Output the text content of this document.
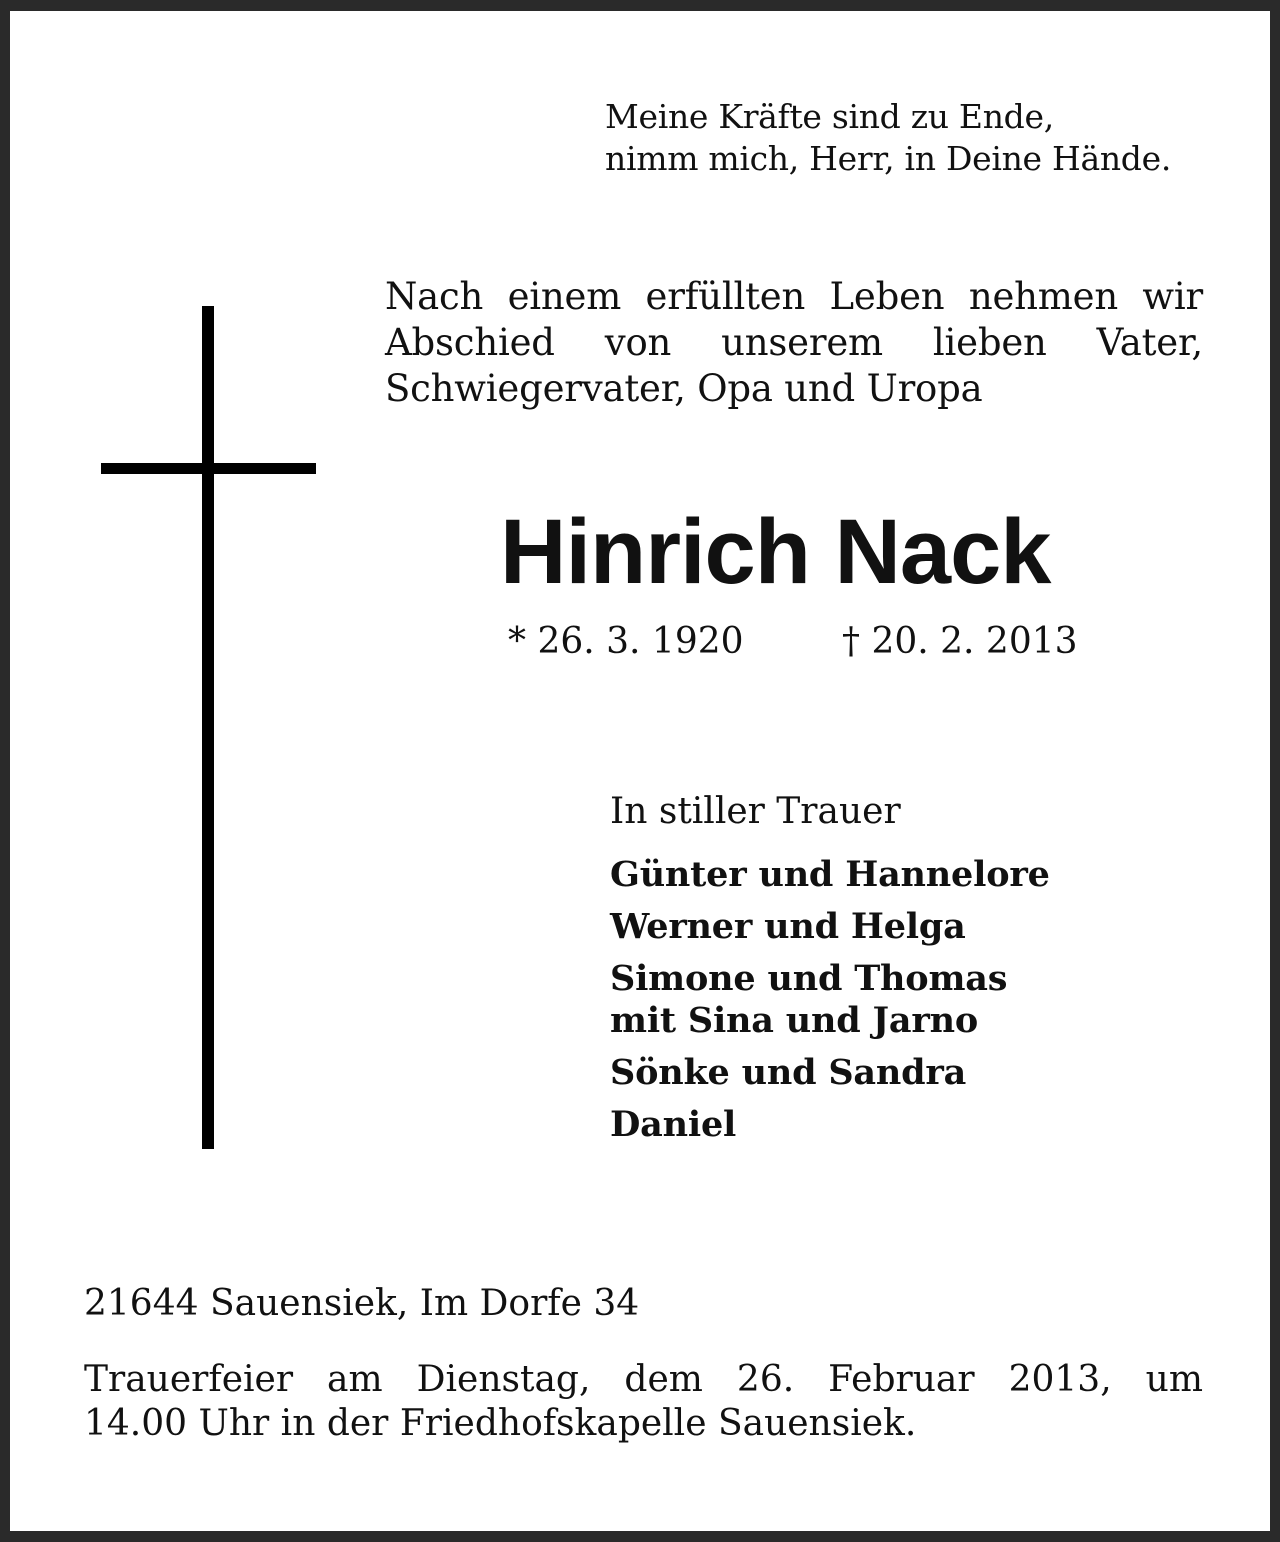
Meine Kräfte sind zu Ende,
nimm mich, Herr, in Deine Hände.
Nach einem erfüllten Leben nehmen wir
Abschied von unserem lieben Vater,
Schwiegervater, Opa und Uropa
Hinrich Nack
* 26. 3. 1920	† 20. 2. 2013
In stiller Trauer
Günter und Hannelore
Werner und Helga
Simone und Thomas
mit Sina und Jarno
Sönke und Sandra
Daniel
21644 Sauensiek, Im Dorfe 34
Trauerfeier am Dienstag, dem 26. Februar 2013, um
14.00 Uhr in der Friedhofskapelle Sauensiek.
